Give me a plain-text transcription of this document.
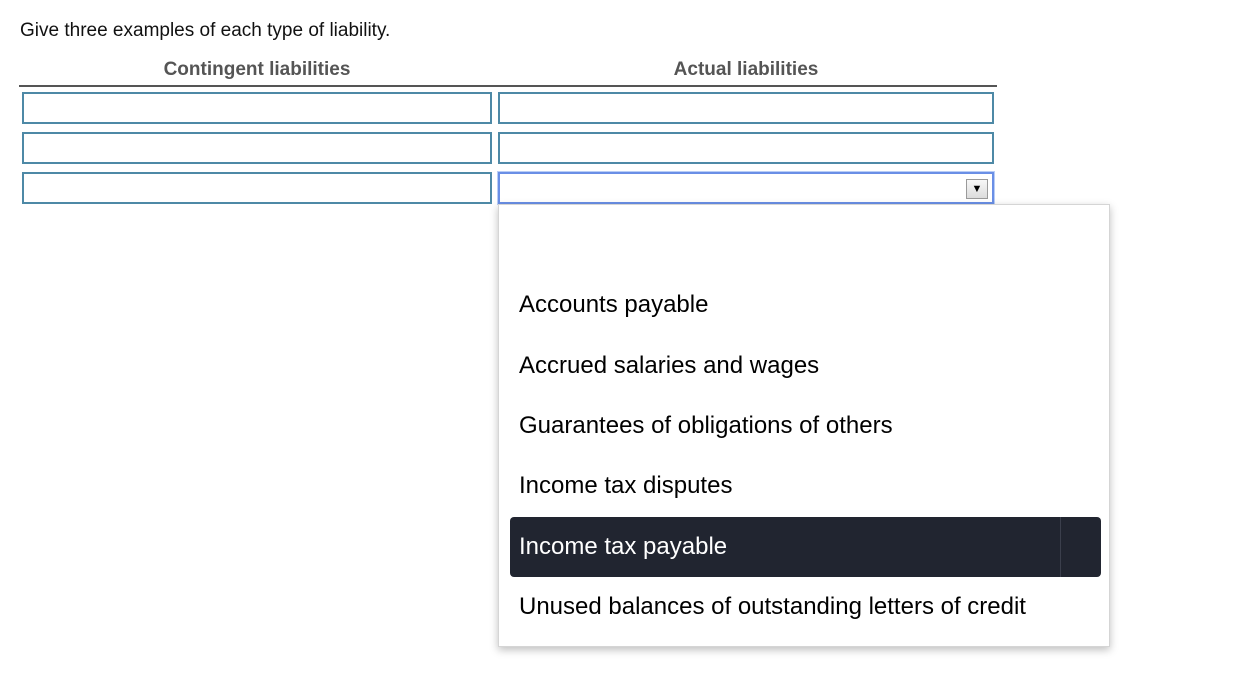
Give three examples of each type of liability.
Contingent liabilities	Actual liabilities
▼
Accounts payable
Accrued salaries and wages
Guarantees of obligations of others
Income tax disputes
Income tax payable
Unused balances of outstanding letters of credit
